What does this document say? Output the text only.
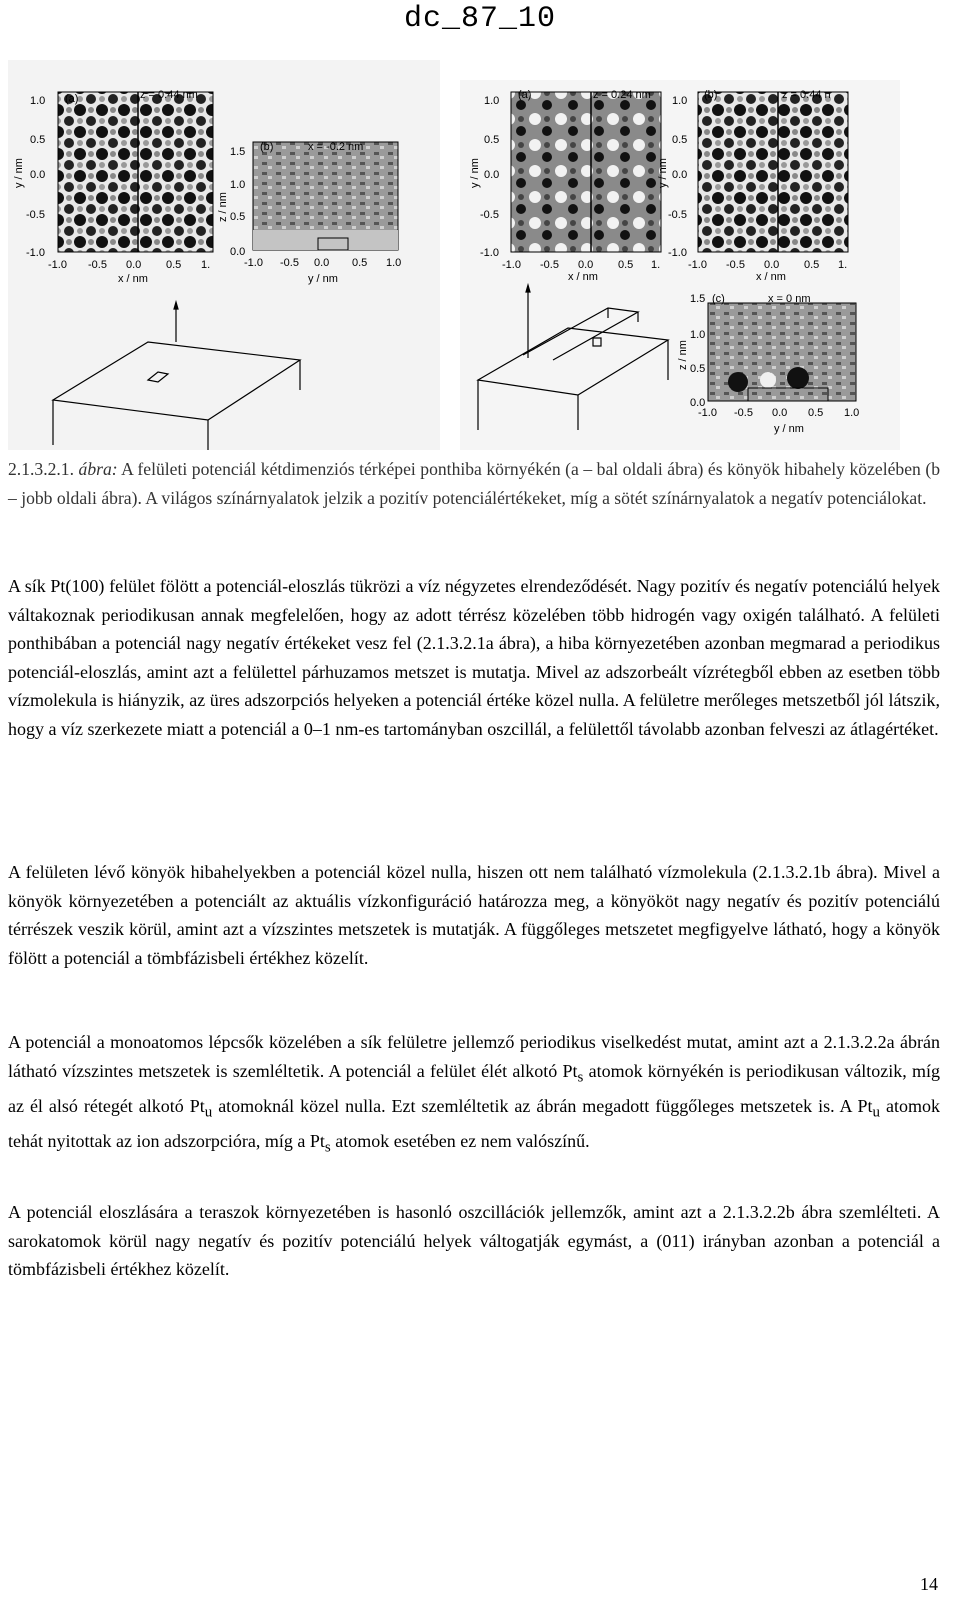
dc_87_10
(a)	z = 0.44 nm
1.0
0.5
0.0
-0.5
-1.0
y / nm
-1.0 -0.5 0.0 0.5 1.
x / nm
(b)	x = -0.2 nm
1.5
1.0
0.5
0.0
z / nm
-1.0 -0.5 0.0 0.5 1.0
y / nm
(a)	z = 0.24 nm
1.0
0.5
0.0
-0.5
-1.0
y / nm
-1.0 -0.5 0.0 0.5 1.
x / nm
(b)	z = 0.44 n
1.0
0.5
0.0
-0.5
-1.0
y / nm
-1.0 -0.5 0.0 0.5 1.
x / nm
(c)	x = 0 nm
1.5
1.0
0.5
0.0
z / nm
-1.0 -0.5 0.0 0.5 1.0
y / nm
2.1.3.2.1. ábra: A felületi potenciál kétdimenziós térképei ponthiba környékén (a – bal oldali ábra) és könyök hibahely közelében (b – jobb oldali ábra). A világos színárnyalatok jelzik a pozitív potenciálértékeket, míg a sötét színárnyalatok a negatív potenciálokat.

A sík Pt(100) felület fölött a potenciál-eloszlás tükrözi a víz négyzetes elrendeződését. Nagy pozitív és negatív potenciálú helyek váltakoznak periodikusan annak megfelelően, hogy az adott térrész közelében több hidrogén vagy oxigén található. A felületi ponthibában a potenciál nagy negatív értékeket vesz fel (2.1.3.2.1a ábra), a hiba környezetében azonban megmarad a periodikus potenciál-eloszlás, amint azt a felülettel párhuzamos metszet is mutatja. Mivel az adszorbeált vízrétegből ebben az esetben több vízmolekula is hiányzik, az üres adszorpciós helyeken a potenciál értéke közel nulla. A felületre merőleges metszetből jól látszik, hogy a víz szerkezete miatt a potenciál a 0–1 nm-es tartományban oszcillál, a felülettől távolabb azonban felveszi az átlagértéket.

A felületen lévő könyök hibahelyekben a potenciál közel nulla, hiszen ott nem található vízmolekula (2.1.3.2.1b ábra). Mivel a könyök környezetében a potenciált az aktuális vízkonfiguráció határozza meg, a könyököt nagy negatív és pozitív potenciálú térrészek veszik körül, amint azt a vízszintes metszetek is mutatják. A függőleges metszetet megfigyelve látható, hogy a könyök fölött a potenciál a tömbfázisbeli értékhez közelít.

A potenciál a monoatomos lépcsők közelében a sík felületre jellemző periodikus viselkedést mutat, amint azt a 2.1.3.2.2a ábrán látható vízszintes metszetek is szemléltetik. A potenciál a felület élét alkotó $Pt_s$ atomok környékén is periodikusan változik, míg az él alsó rétegét alkotó $Pt_u$ atomoknál közel nulla. Ezt szemléltetik az ábrán megadott függőleges metszetek is. A $Pt_u$ atomok tehát nyitottak az ion adszorpcióra, míg a $Pt_s$ atomok esetében ez nem valószínű.

A potenciál eloszlására a teraszok környezetében is hasonló oszcillációk jellemzők, amint azt a 2.1.3.2.2b ábra szemlélteti. A sarokatomok körül nagy negatív és pozitív potenciálú helyek váltogatják egymást, a (011) irányban azonban a potenciál a tömbfázisbeli értékhez közelít.

14
